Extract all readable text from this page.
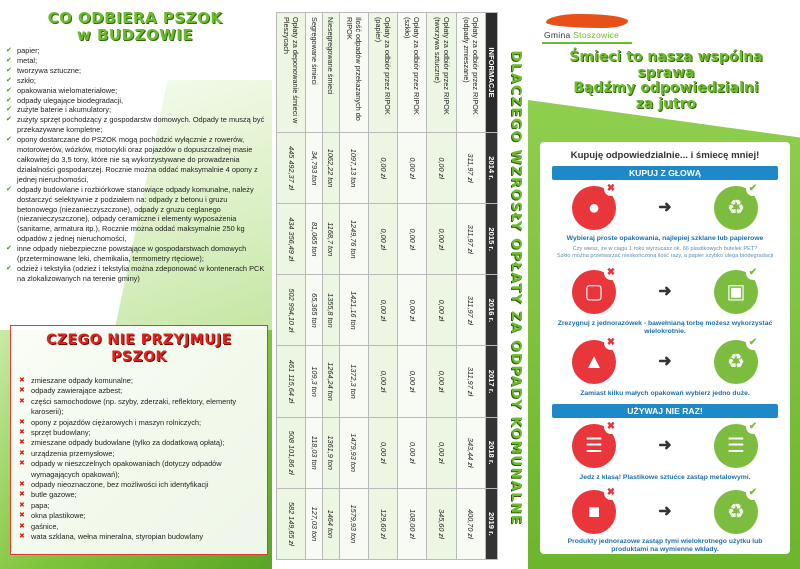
CO ODBIERA PSZOK
w BUDZOWIE
✔ papier;
✔ metal;
✔ tworzywa sztuczne;
✔ szkło;
✔ opakowania wielomateriałowe;
✔ odpady ulegające biodegradacji,
✔ zużyte baterie i akumulatory;
✔ zużyty sprzęt pochodzący z gospodarstw domowych. Odpady te muszą być przekazywane kompletne;
✔ opony dostarczane do PSZOK mogą pochodzić wyłącznie z rowerów, motorowerów, wózków, motocykli oraz pojazdów o dopuszczalnej masie całkowitej do 3,5 tony, które nie są wykorzystywane do prowadzenia działalności gospodarczej. Rocznie można oddać maksymalnie 4 opony z jednej nieruchomości,
✔ odpady budowlane i rozbiórkowe stanowiące odpady komunalne, należy dostarczyć selektywnie z podziałem na: odpady z betonu i gruzu betonowego (niezanieczyszczone), odpady z gruzu ceglanego (niezanieczyszczone), odpady ceramiczne i elementy wyposażenia (sanitarne, armatura itp.), Rocznie można oddać maksymalnie 250 kg odpadów z jednej nieruchomości,
✔ inne odpady niebezpieczne powstające w gospodarstwach domowych (przeterminowane leki, chemikalia, termometry rtęciowe);
✔ odzież i tekstylia (odzież i tekstylia można zdeponować w kontenerach PCK na zlokalizowanych na terenie gminy)
CZEGO NIE PRZYJMUJE
PSZOK
✖ zmieszane odpady komunalne;
✖ odpady zawierające azbest;
✖ części samochodowe (np. szyby, zderzaki, reflektory, elementy karoserii);
✖ opony z pojazdów ciężarowych i maszyn rolniczych;
✖ sprzęt budowlany;
✖ zmieszane odpady budowlane (tylko za dodatkową opłatą);
✖ urządzenia przemysłowe;
✖ odpady w nieszczelnych opakowaniach (dotyczy odpadów wymagających opakowań);
✖ odpady nieoznaczone, bez możliwości ich identyfikacji
✖ butle gazowe;
✖ papa;
✖ okna plastikowe;
✖ gaśnice,
✖ wata szklana, wełna mineralna, styropian budowlany
DLACZEGO WZROSŁY OPŁATY ZA ODPADY KOMUNALNE
INFORMACJE	2014 r.	2015 r.	2016 r.	2017 r.	2018 r.	2019 r.
Opłaty za odbiór przez RIPOK (odpady zmieszane)	311,97 zł	311,97 zł	311,97 zł	311,97 zł	343,44 zł	400,70 zł
Opłaty za odbiór przez RIPOK (tworzywa sztuczne)	0,00 zł	0,00 zł	0,00 zł	0,00 zł	0,00 zł	345,60 zł
Opłaty za odbiór przez RIPOK (szkło)	0,00 zł	0,00 zł	0,00 zł	0,00 zł	0,00 zł	108,00 zł
Opłaty za odbiór przez RIPOK (papier)	0,00 zł	0,00 zł	0,00 zł	0,00 zł	0,00 zł	129,60 zł
Ilość odpadów przekazanych do RIPOK	1097,13 ton	1249,76 ton	1421,16 ton	1372,3 ton	1479,93 ton	1579,93 ton
Niesegregowane śmieci	1062,22 ton	1168,7 ton	1355,8 ton	1264,24 ton	1361,9 ton	1464 ton
Segregowane śmieci	34,793 ton	81,065 ton	65,365 ton	109,3 ton	118,03 ton	127,03 ton
Opłaty za deponowanie śmieci w Pleszycach	445 492,37 zł	434 356,49 zł	502 994,10 zł	461 115,64 zł	508 101,86 zł	582 149,65 zł
Gmina Stoszowice
Śmieci to nasza wspólna
sprawa
Bądźmy odpowiedzialni
za jutro
Kupuję odpowiedzialnie... i śmiecę mniej!
KUPUJ Z GŁOWĄ
●
✖
➜	♻
✔
Wybieraj proste opakowania, najlepiej szklane lub papierowe
Czy wiesz, że w ciągu 1 roku wyrzucasz ok. 66 plastikowych butelek PET?
Szkło można przetwarzać nieskończoną ilość razy, a papier szybko ulega biodegradacji
▢
✖
➜	▣
✔
Zrezygnuj z jednorazówek - bawełnianą torbę możesz wykorzystać wielokrotnie.
▲
✖
➜	♻
✔
Zamiast kilku małych opakowań wybierz jedno duże.
UŻYWAJ NIE RAZ!
☰
✖
➜	☰
✔
Jedz z klasą! Plastikowe sztućce zastąp metalowymi.
■
✖
➜	♻
✔
Produkty jednorazowe zastąp tymi wielokrotnego użytku lub produktami na wymienne wkłady.
